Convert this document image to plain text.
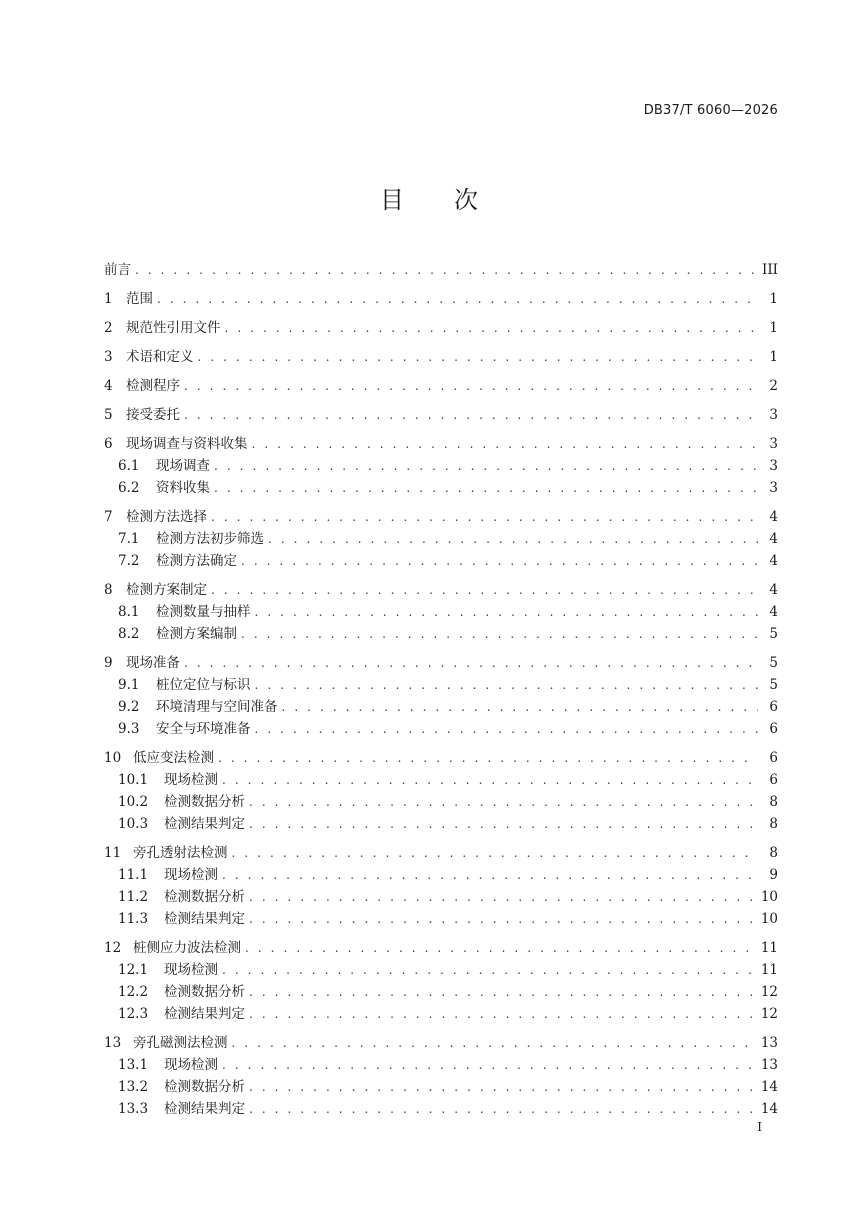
DB37/T 6060—2026
目 次
前言 . . .	III
1 范围 . . .	1
2 规范性引用文件 . . .	1
3 术语和定义 . . .	1
4 检测程序 . . .	2
5 接受委托 . . .	3
6 现场调查与资料收集 . . .	3
6.1	现场调查 . . .	3
6.2	资料收集 . . .	3
7 检测方法选择 . . .	4
7.1	检测方法初步筛选 . . .	4
7.2	检测方法确定 . . .	4
8 检测方案制定 . . .	4
8.1	检测数量与抽样 . . .	4
8.2	检测方案编制 . . .	5
9 现场准备 . . .	5
9.1	桩位定位与标识 . . .	5
9.2	环境清理与空间准备 . . .	6
9.3	安全与环境准备 . . .	6
10 低应变法检测 . . .	6
10.1	现场检测 . . .	6
10.2	检测数据分析 . . .	8
10.3	检测结果判定 . . .	8
11 旁孔透射法检测 . . .	8
11.1	现场检测 . . .	9
11.2	检测数据分析 . . .	10
11.3	检测结果判定 . . .	10
12 桩侧应力波法检测 . . .	11
12.1	现场检测 . . .	11
12.2	检测数据分析 . . .	12
12.3	检测结果判定 . . .	12
13 旁孔磁测法检测 . . .	13
13.1	现场检测 . . .	13
13.2	检测数据分析 . . .	14
13.3	检测结果判定 . . .	14
I
